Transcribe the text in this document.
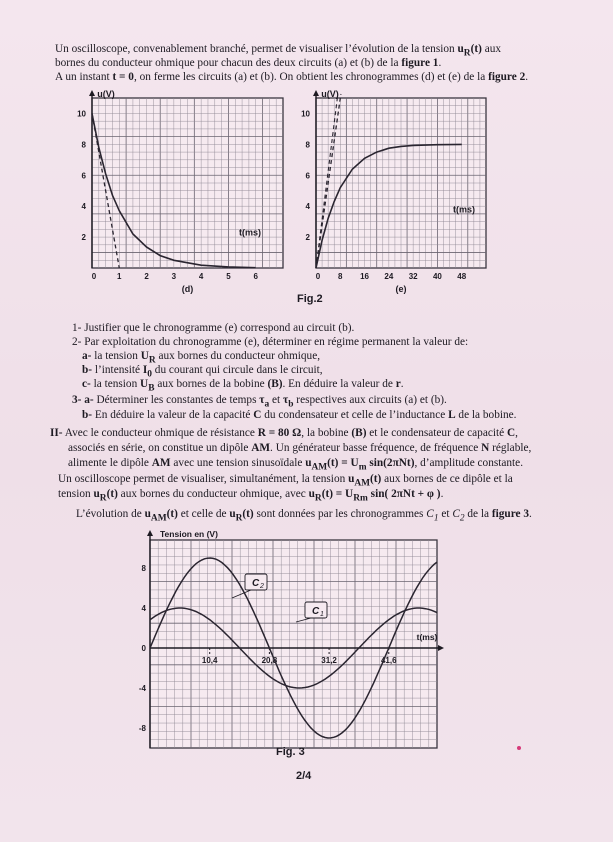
Un oscilloscope, convenablement branché, permet de visualiser l’évolution de la tension $u_R(t)$ aux
bornes du conducteur ohmique pour chacun des deux circuits (a) et (b) de la figure 1.
A un instant t = 0, on ferme les circuits (a) et (b). On obtient les chronogrammes (d) et (e) de la figure 2.
u(V)
10
8
6
4
2
0	1	2	3	4	5	6
t(ms)
(d)
u(V)
10
8
6
4
2
0 8 16 24 32 40 48
t(ms)
(e)
Fig.2
1- Justifier que le chronogramme (e) correspond au circuit (b).
2- Par exploitation du chronogramme (e), déterminer en régime permanent la valeur de:
a- la tension $U_R$ aux bornes du conducteur ohmique,
b- l’intensité $I_0$ du courant qui circule dans le circuit,
c- la tension $U_B$ aux bornes de la bobine (B). En déduire la valeur de r.
3- a- Déterminer les constantes de temps $\tau_a$ et $\tau_b$ respectives aux circuits (a) et (b).
b- En déduire la valeur de la capacité C du condensateur et celle de l’inductance L de la bobine.
II- Avec le conducteur ohmique de résistance R = 80 Ω, la bobine (B) et le condensateur de capacité C,
associés en série, on constitue un dipôle AM. Un générateur basse fréquence, de fréquence N réglable,
alimente le dipôle AM avec une tension sinusoïdale $u_{AM}(t) = U_m$ sin(2πNt), d’amplitude constante.
Un oscilloscope permet de visualiser, simultanément, la tension $u_{AM}(t)$ aux bornes de ce dipôle et la
tension $u_R(t)$ aux bornes du conducteur ohmique, avec $u_R(t) = U_{Rm}$ sin( 2πNt + φ ).
L’évolution de $u_{AM}(t)$ et celle de $u_R(t)$ sont données par les chronogrammes $C_1$ et $C_2$ de la figure 3.
Tension en (V)
t(ms)
8
4
0
-4
-8
10,4	20,8	31,2	41,6
C 2
C 1
Fig. 3
2/4
